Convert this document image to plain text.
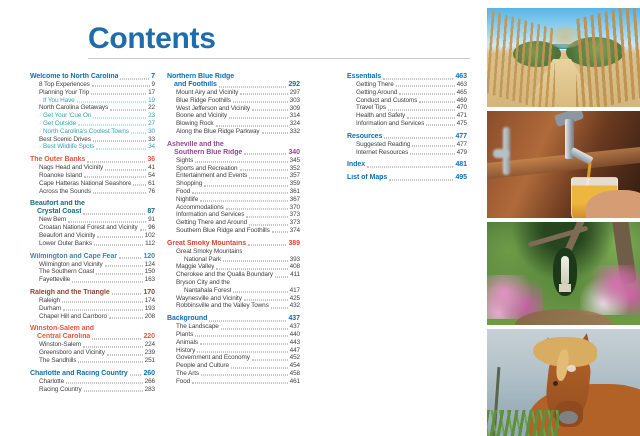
Contents
Welcome to North Carolina	7
8 Top Experiences	9
Planning Your Trip	17
· If You Have	19
North Carolina Getaways	22
· Get Your 'Cue On	23
· Get Outside	27
· North Carolina's Coolest Towns	30
Best Scenic Drives	33
· Best Wildlife Spots	34
The Outer Banks	36
Nags Head and Vicinity	41
Roanoke Island	54
Cape Hatteras National Seashore	61
Across the Sounds	76
Beaufort and the
Crystal Coast	87
New Bern	91
Croatan National Forest and Vicinity 96
Beaufort and Vicinity	102
Lower Outer Banks	112
Wilmington and Cape Fear	120
Wilmington and Vicinity	124
The Southern Coast	150
Fayetteville	163
Raleigh and the Triangle	170
Raleigh	174
Durham	193
Chapel Hill and Carrboro	208
Winston-Salem and
Central Carolina	220
Winston-Salem	224
Greensboro and Vicinity	239
The Sandhills	251
Charlotte and Racing Country 260
Charlotte	266
Racing Country	283
Northern Blue Ridge
and Foothills	292
Mount Airy and Vicinity	297
Blue Ridge Foothills	303
West Jefferson and Vicinity	309
Boone and Vicinity	314
Blowing Rock	324
Along the Blue Ridge Parkway	332
Asheville and the
Southern Blue Ridge	340
Sights	345
Sports and Recreation	352
Entertainment and Events	357
Shopping	359
Food	361
Nightlife	367
Accommodations	370
Information and Services	373
Getting There and Around	373
Southern Blue Ridge and Foothills	374
Great Smoky Mountains	389
Great Smoky Mountains
National Park	393
Maggie Valley	408
Cherokee and the Qualla Boundary	411
Bryson City and the
Nantahala Forest	417
Waynesville and Vicinity	425
Robbinsville and the Valley Towns	432
Background	437
The Landscape	437
Plants	440
Animals	443
History	447
Government and Economy	452
People and Culture	454
The Arts	458
Food	461
Essentials	463
Getting There	463
Getting Around	465
Conduct and Customs	469
Travel Tips	470
Health and Safety	471
Information and Services	475
Resources	477
Suggested Reading	477
Internet Resources	479
Index	481
List of Maps	495
